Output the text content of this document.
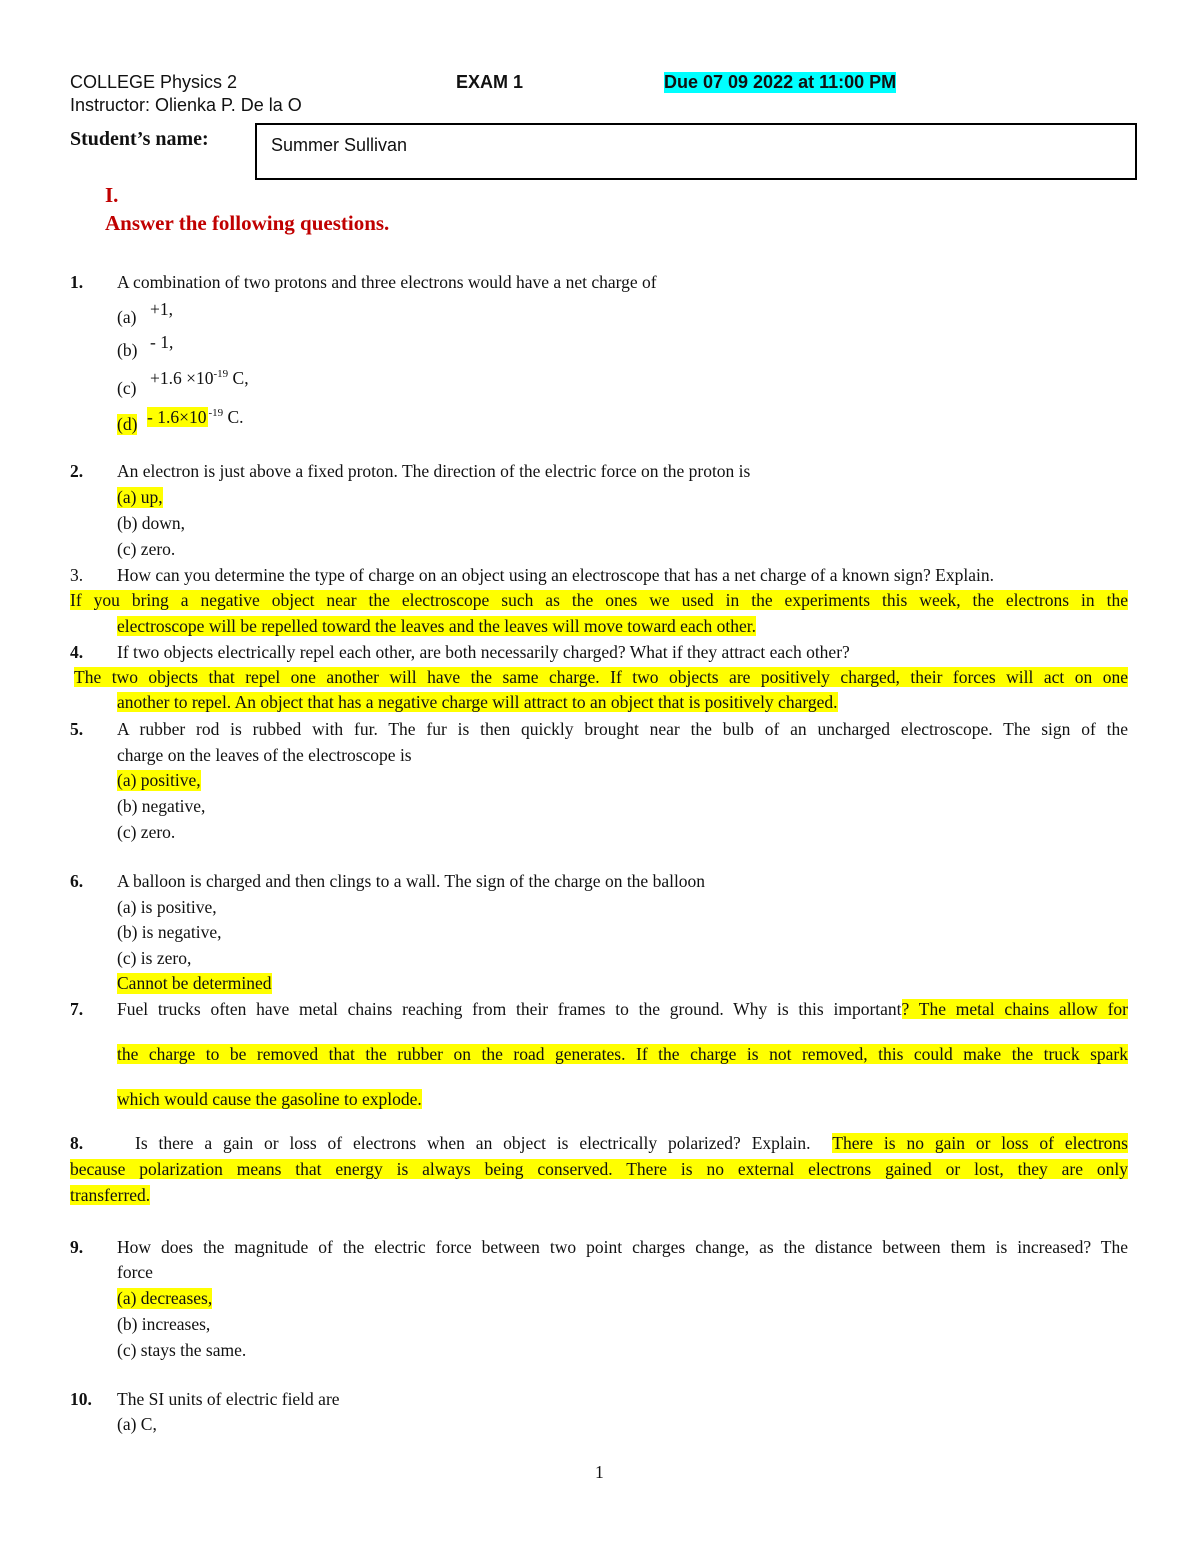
COLLEGE Physics 2	EXAM 1	Due 07 09 2022 at 11:00 PM
Instructor: Olienka P. De la O
Student’s name:	Summer Sullivan
I.
Answer the following questions.
1. A combination of two protons and three electrons would have a net charge of
(a) +1,
(b) - 1,
$(c) +1.6 \times 10^{-19}$ C,
(d) - 1.6×10 $^{-19}$ C.
2. An electron is just above a fixed proton. The direction of the electric force on the proton is
(a) up,
(b) down,
(c) zero.
3. How can you determine the type of charge on an object using an electroscope that has a net charge of a known sign? Explain.
If you bring a negative object near the electroscope such as the ones we used in the experiments this week, the electrons in the
electroscope will be repelled toward the leaves and the leaves will move toward each other.
4. If two objects electrically repel each other, are both necessarily charged? What if they attract each other?
The two objects that repel one another will have the same charge. If two objects are positively charged, their forces will act on one
another to repel. An object that has a negative charge will attract to an object that is positively charged.
5. A rubber rod is rubbed with fur. The fur is then quickly brought near the bulb of an uncharged electroscope. The sign of the
charge on the leaves of the electroscope is
(a) positive,
(b) negative,
(c) zero.
6. A balloon is charged and then clings to a wall. The sign of the charge on the balloon
(a) is positive,
(b) is negative,
(c) is zero,
Cannot be determined
7. Fuel trucks often have metal chains reaching from their frames to the ground. Why is this important? The metal chains allow for
the charge to be removed that the rubber on the road generates. If the charge is not removed, this could make the truck spark
which would cause the gasoline to explode.
8.	Is there a gain or loss of electrons when an object is electrically polarized? Explain. There is no gain or loss of electrons
because polarization means that energy is always being conserved. There is no external electrons gained or lost, they are only
transferred.
9. How does the magnitude of the electric force between two point charges change, as the distance between them is increased? The
force
(a) decreases,
(b) increases,
(c) stays the same.
10. The SI units of electric field are
(a) C,
1
